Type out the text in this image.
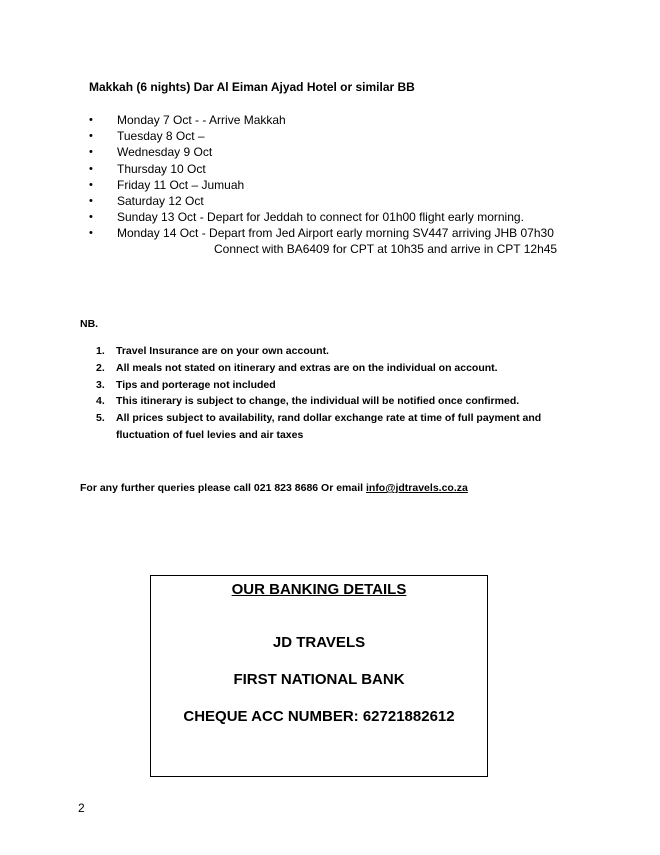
Makkah (6 nights) Dar Al Eiman Ajyad Hotel or similar BB
• Monday 7 Oct - - Arrive Makkah
• Tuesday 8 Oct –
• Wednesday 9 Oct
• Thursday 10 Oct
• Friday 11 Oct – Jumuah
• Saturday 12 Oct
• Sunday 13 Oct - Depart for Jeddah to connect for 01h00 flight early morning.
• Monday 14 Oct - Depart from Jed Airport early morning SV447 arriving JHB 07h30
Connect with BA6409 for CPT at 10h35 and arrive in CPT 12h45
NB.
1. Travel Insurance are on your own account.
2. All meals not stated on itinerary and extras are on the individual on account.
3. Tips and porterage not included
4. This itinerary is subject to change, the individual will be notified once confirmed.
5. All prices subject to availability, rand dollar exchange rate at time of full payment and fluctuation of fuel levies and air taxes
For any further queries please call 021 823 8686 Or email info@jdtravels.co.za
OUR BANKING DETAILS
JD TRAVELS
FIRST NATIONAL BANK
CHEQUE ACC NUMBER: 62721882612
2
